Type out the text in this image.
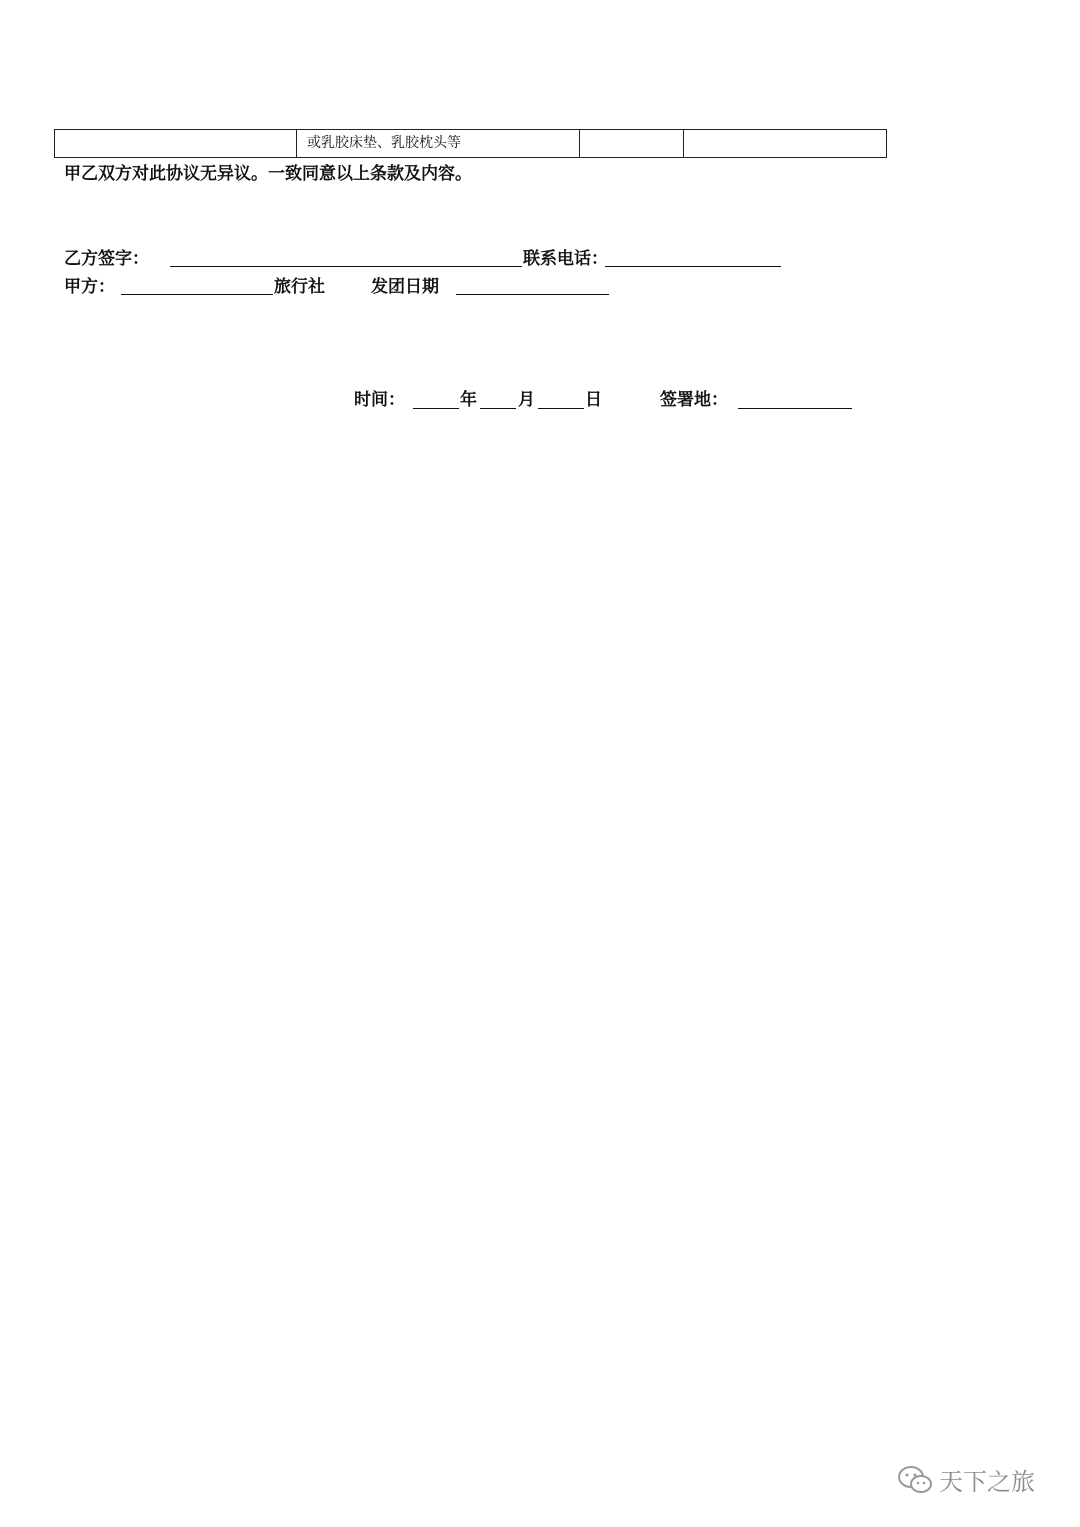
或乳胶床垫、乳胶枕头等
甲乙双方对此协议无异议。一致同意以上条款及内容。
乙方签字：	联系电话：
甲方：	旅行社	发团日期
时间：	年 月	日	签署地：
天下之旅
